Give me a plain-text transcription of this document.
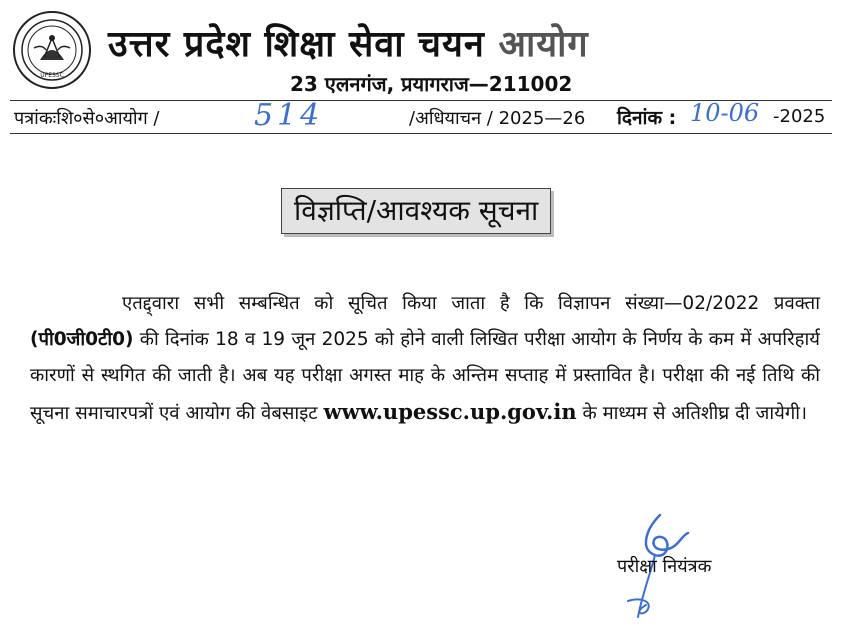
UPESSC
उत्तर प्रदेश शिक्षा सेवा चयन आयोग
23 एलनगंज, प्रयागराज—211002
पत्रांकःशि०से०आयोग /	514	/अधियाचन / 2025—26 दिनांक : 10-06 -2025
विज्ञप्ति/आवश्यक सूचना
एतद्द्वारा सभी सम्बन्धित को सूचित किया जाता है कि विज्ञापन संख्या—02/2022 प्रवक्ता (पी0जी0टी0) की दिनांक 18 व 19 जून 2025 को होने वाली लिखित परीक्षा आयोग के निर्णय के कम में अपरिहार्य कारणों से स्थगित की जाती है। अब यह परीक्षा अगस्त माह के अन्तिम सप्ताह में प्रस्तावित है। परीक्षा की नई तिथि की सूचना समाचारपत्रों एवं आयोग की वेबसाइट www.upessc.up.gov.in के माध्यम से अतिशीघ्र दी जायेगी।
परीक्षा नियंत्रक
